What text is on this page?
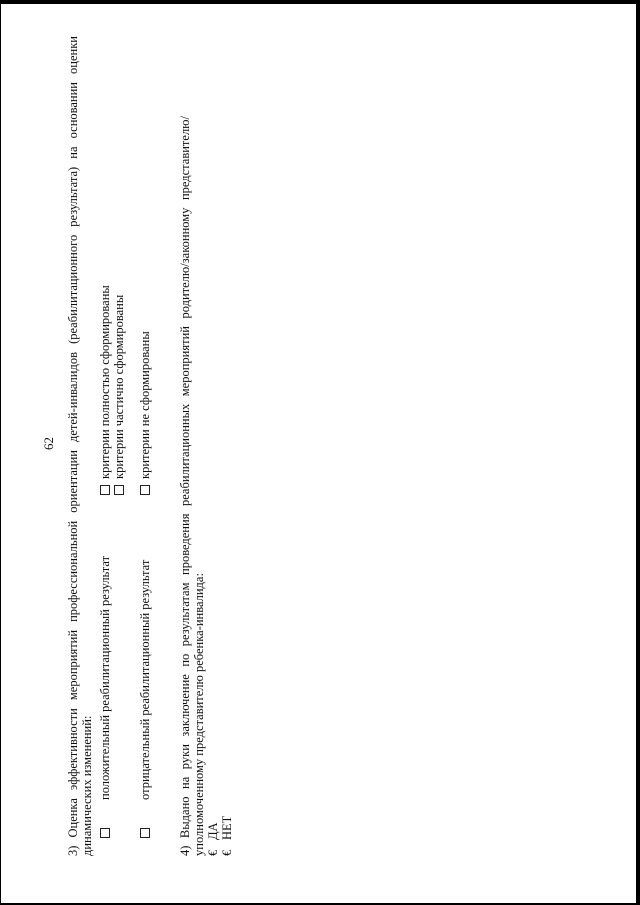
62 3) Оценка эффективности мероприятий профессиональной ориентации детей-инвалидов (реабилитационного результата) на основании оценки динамических изменений: положительный реабилитационный результат
критерии полностью сформированы критерии частично сформированы
отрицательный реабилитационный результат
критерии не сформированы 4) Выдано на руки заключение по результатам проведения реабилитационных мероприятий родителю/законному представителю/ уполномоченному представителю ребенка-инвалида: €ДА
€НЕТ
